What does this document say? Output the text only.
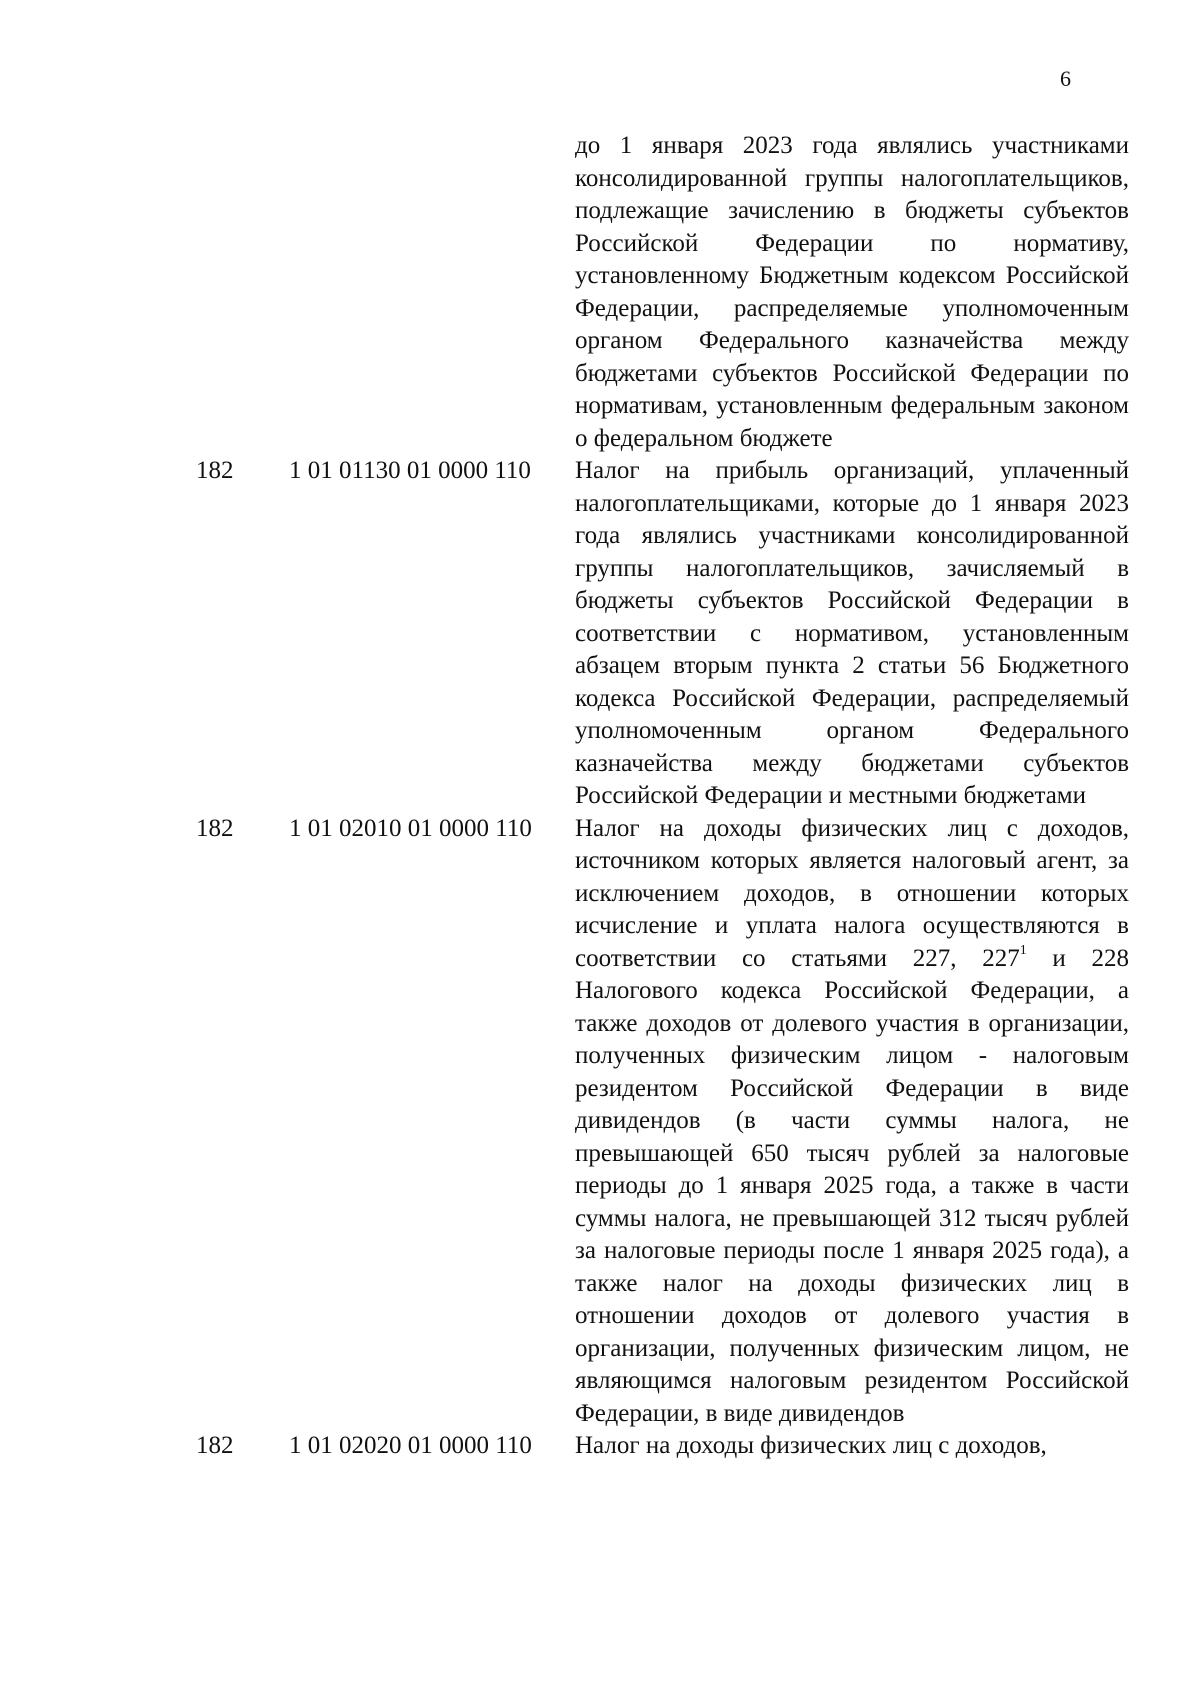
6
до 1 января 2023 года являлись участниками консолидированной группы налогоплательщиков, подлежащие зачислению в бюджеты субъектов Российской Федерации по нормативу, установленному Бюджетным кодексом Российской Федерации, распределяемые уполномоченным органом Федерального казначейства между бюджетами субъектов Российской Федерации по нормативам, установленным федеральным законом о федеральном бюджете
182 1 01 01130 01 0000 110 Налог на прибыль организаций, уплаченный налогоплательщиками, которые до 1 января 2023 года являлись участниками консолидированной группы налогоплательщиков, зачисляемый в бюджеты субъектов Российской Федерации в соответствии с нормативом, установленным абзацем вторым пункта 2 статьи 56 Бюджетного кодекса Российской Федерации, распределяемый уполномоченным органом Федерального казначейства между бюджетами субъектов Российской Федерации и местными бюджетами
182 1 01 02010 01 0000 110 Налог на доходы физических лиц с доходов, источником которых является налоговый агент, за исключением доходов, в отношении которых исчисление и уплата налога осуществляются в соответствии со статьями 227, $227^1$ и 228 Налогового кодекса Российской Федерации, а также доходов от долевого участия в организации, полученных физическим лицом - налоговым резидентом Российской Федерации в виде дивидендов (в части суммы налога, не превышающей 650 тысяч рублей за налоговые периоды до 1 января 2025 года, а также в части суммы налога, не превышающей 312 тысяч рублей за налоговые периоды после 1 января 2025 года), а также налог на доходы физических лиц в отношении доходов от долевого участия в организации, полученных физическим лицом, не являющимся налоговым резидентом Российской Федерации, в виде дивидендов
182 1 01 02020 01 0000 110 Налог на доходы физических лиц с доходов,
